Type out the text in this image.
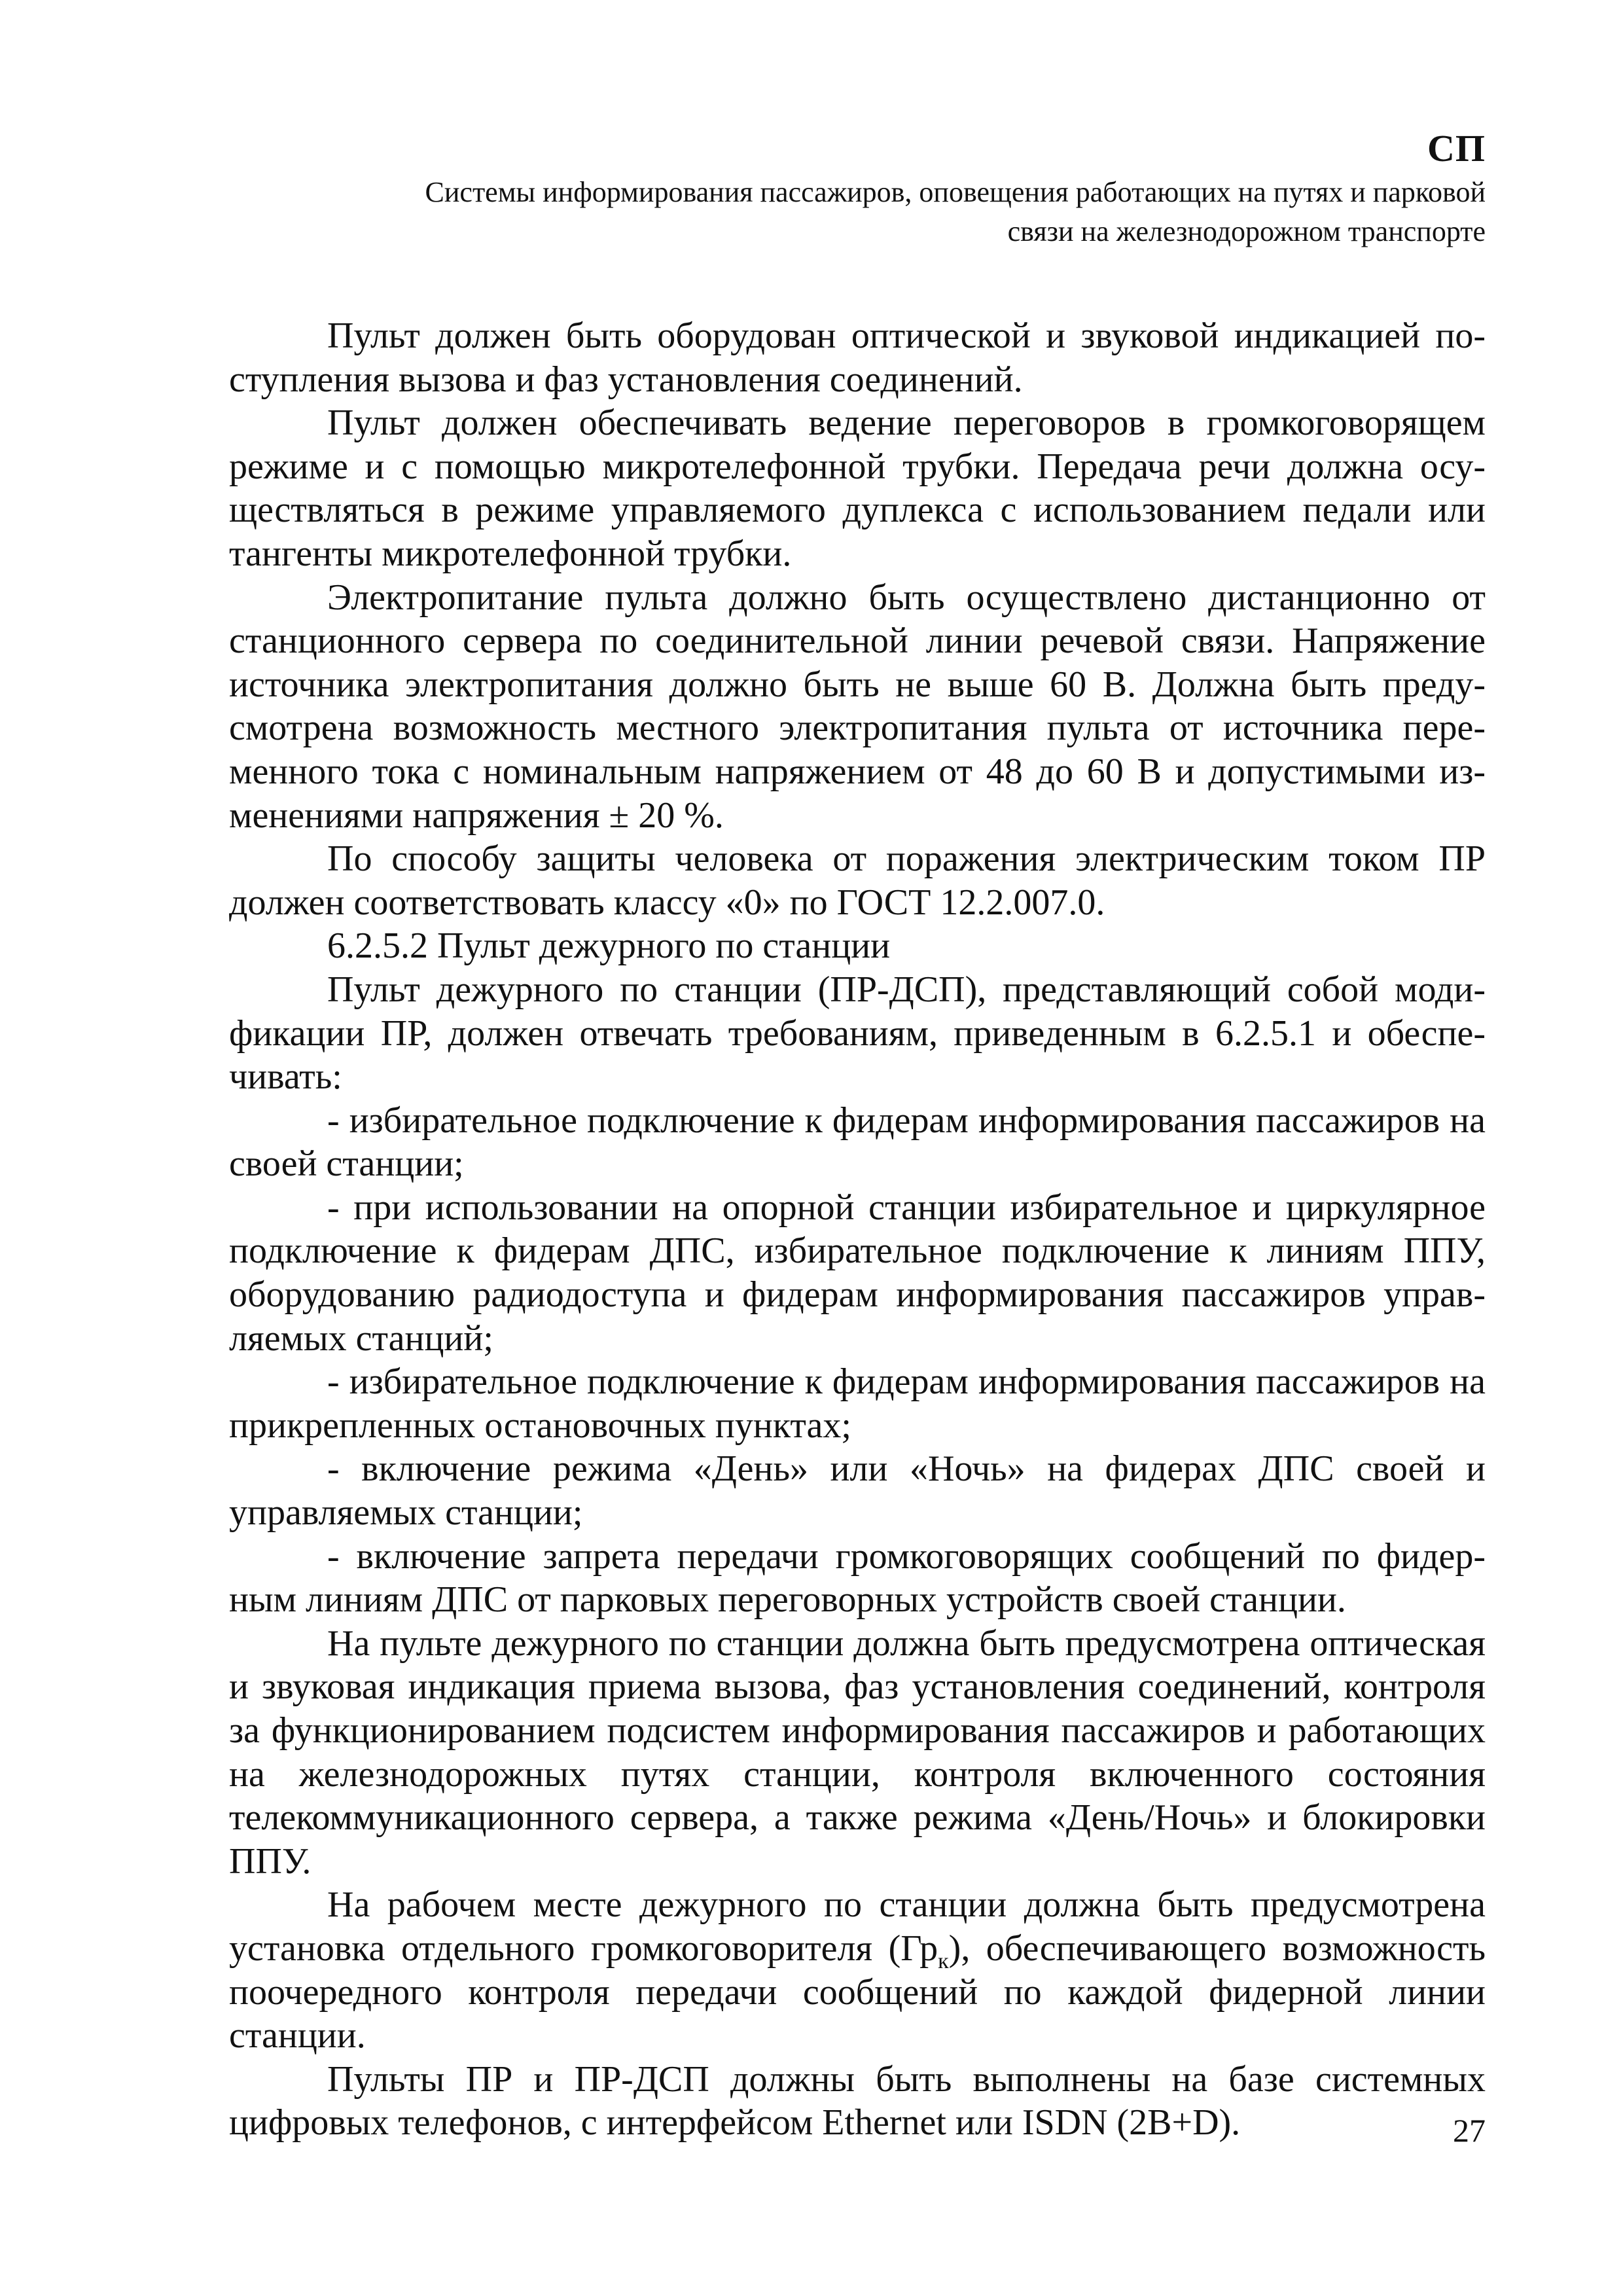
СП
Системы информирования пассажиров, оповещения работающих на путях и парковой
связи на железнодорожном транспорте

Пульт должен быть оборудован оптической и звуковой индикацией поступления вызова и фаз установления соединений.

Пульт должен обеспечивать ведение переговоров в громкоговорящем режиме и с помощью микротелефонной трубки. Передача речи должна осуществляться в режиме управляемого дуплекса с использованием педали или тангенты микротелефонной трубки.

Электропитание пульта должно быть осуществлено дистанционно от станционного сервера по соединительной линии речевой связи. Напряжение источника электропитания должно быть не выше 60 В. Должна быть предусмотрена возможность местного электропитания пульта от источника переменного тока с номинальным напряжением от 48 до 60 В и допустимыми изменениями напряжения ± 20 %.

По способу защиты человека от поражения электрическим током ПР должен соответствовать классу «0» по ГОСТ 12.2.007.0.

6.2.5.2 Пульт дежурного по станции

Пульт дежурного по станции (ПР-ДСП), представляющий собой модификации ПР, должен отвечать требованиям, приведенным в 6.2.5.1 и обеспечивать:

- избирательное подключение к фидерам информирования пассажиров на своей станции;

- при использовании на опорной станции избирательное и циркулярное подключение к фидерам ДПС, избирательное подключение к линиям ППУ, оборудованию радиодоступа и фидерам информирования пассажиров управляемых станций;

- избирательное подключение к фидерам информирования пассажиров на прикрепленных остановочных пунктах;

- включение режима «День» или «Ночь» на фидерах ДПС своей и управляемых станции;

- включение запрета передачи громкоговорящих сообщений по фидерным линиям ДПС от парковых переговорных устройств своей станции.

На пульте дежурного по станции должна быть предусмотрена оптическая и звуковая индикация приема вызова, фаз установления соединений, контроля за функционированием подсистем информирования пассажиров и работающих на железнодорожных путях станции, контроля включенного состояния телекоммуникационного сервера, а также режима «День/Ночь» и блокировки ППУ.

На рабочем месте дежурного по станции должна быть предусмотрена установка отдельного громкоговорителя $(Гр_к)$, обеспечивающего возможность поочередного контроля передачи сообщений по каждой фидерной линии станции.

Пульты ПР и ПР-ДСП должны быть выполнены на базе системных цифровых телефонов, с интерфейсом Ethernet или ISDN (2B+D).	27
